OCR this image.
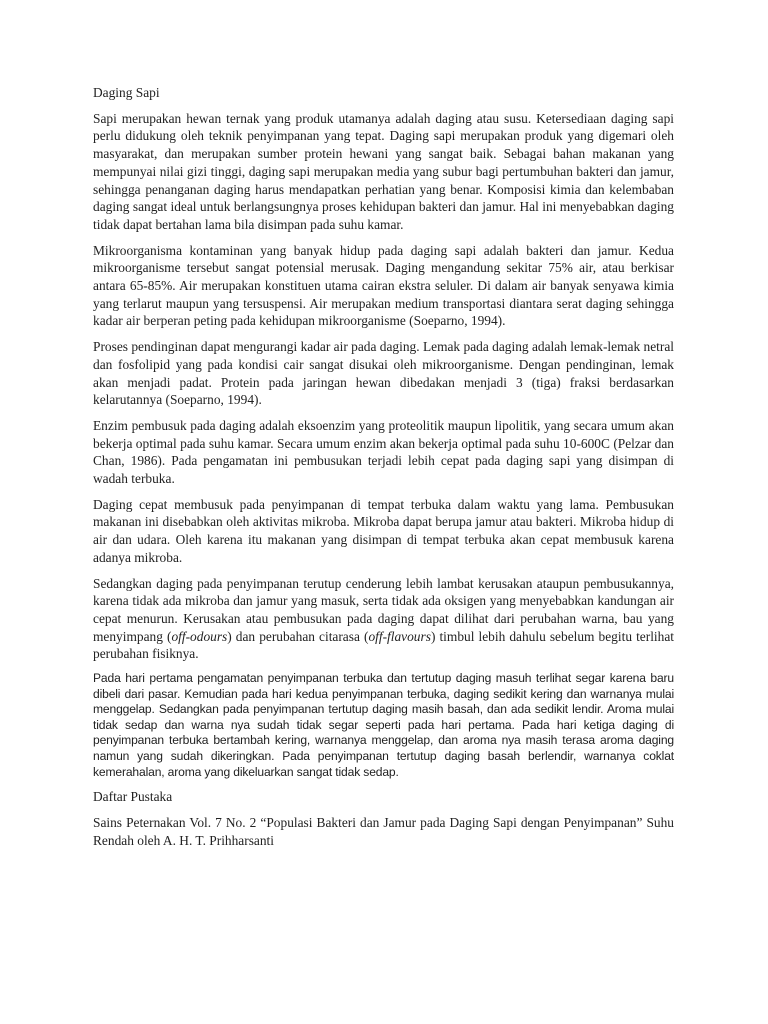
Daging Sapi

Sapi merupakan hewan ternak yang produk utamanya adalah daging atau susu. Ketersediaan daging sapi perlu didukung oleh teknik penyimpanan yang tepat. Daging sapi merupakan produk yang digemari oleh masyarakat, dan merupakan sumber protein hewani yang sangat baik. Sebagai bahan makanan yang mempunyai nilai gizi tinggi, daging sapi merupakan media yang subur bagi pertumbuhan bakteri dan jamur, sehingga penanganan daging harus mendapatkan perhatian yang benar. Komposisi kimia dan kelembaban daging sangat ideal untuk berlangsungnya proses kehidupan bakteri dan jamur. Hal ini menyebabkan daging tidak dapat bertahan lama bila disimpan pada suhu kamar.

Mikroorganisma kontaminan yang banyak hidup pada daging sapi adalah bakteri dan jamur. Kedua mikroorganisme tersebut sangat potensial merusak. Daging mengandung sekitar 75% air, atau berkisar antara 65-85%. Air merupakan konstituen utama cairan ekstra seluler. Di dalam air banyak senyawa kimia yang terlarut maupun yang tersuspensi. Air merupakan medium transportasi diantara serat daging sehingga kadar air berperan peting pada kehidupan mikroorganisme (Soeparno, 1994).

Proses pendinginan dapat mengurangi kadar air pada daging. Lemak pada daging adalah lemak-lemak netral dan fosfolipid yang pada kondisi cair sangat disukai oleh mikroorganisme. Dengan pendinginan, lemak akan menjadi padat. Protein pada jaringan hewan dibedakan menjadi 3 (tiga) fraksi berdasarkan kelarutannya (Soeparno, 1994).

Enzim pembusuk pada daging adalah eksoenzim yang proteolitik maupun lipolitik, yang secara umum akan bekerja optimal pada suhu kamar. Secara umum enzim akan bekerja optimal pada suhu 10-600C (Pelzar dan Chan, 1986). Pada pengamatan ini pembusukan terjadi lebih cepat pada daging sapi yang disimpan di wadah terbuka.

Daging cepat membusuk pada penyimpanan di tempat terbuka dalam waktu yang lama. Pembusukan makanan ini disebabkan oleh aktivitas mikroba. Mikroba dapat berupa jamur atau bakteri. Mikroba hidup di air dan udara. Oleh karena itu makanan yang disimpan di tempat terbuka akan cepat membusuk karena adanya mikroba.

Sedangkan daging pada penyimpanan terutup cenderung lebih lambat kerusakan ataupun pembusukannya, karena tidak ada mikroba dan jamur yang masuk, serta tidak ada oksigen yang menyebabkan kandungan air cepat menurun. Kerusakan atau pembusukan pada daging dapat dilihat dari perubahan warna, bau yang menyimpang (off-odours) dan perubahan citarasa (off-flavours) timbul lebih dahulu sebelum begitu terlihat perubahan fisiknya.

Pada hari pertama pengamatan penyimpanan terbuka dan tertutup daging masuh terlihat segar karena baru dibeli dari pasar. Kemudian pada hari kedua penyimpanan terbuka, daging sedikit kering dan warnanya mulai menggelap. Sedangkan pada penyimpanan tertutup daging masih basah, dan ada sedikit lendir. Aroma mulai tidak sedap dan warna nya sudah tidak segar seperti pada hari pertama. Pada hari ketiga daging di penyimpanan terbuka bertambah kering, warnanya menggelap, dan aroma nya masih terasa aroma daging namun yang sudah dikeringkan. Pada penyimpanan tertutup daging basah berlendir, warnanya coklat kemerahalan, aroma yang dikeluarkan sangat tidak sedap.

Daftar Pustaka

Sains Peternakan Vol. 7 No. 2 “Populasi Bakteri dan Jamur pada Daging Sapi dengan Penyimpanan” Suhu Rendah oleh A. H. T. Prihharsanti
